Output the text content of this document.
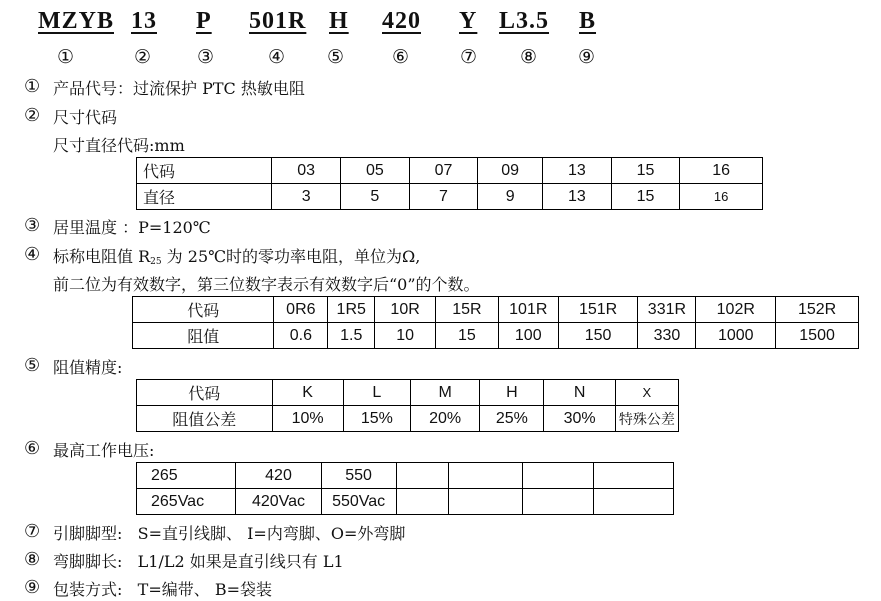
MZYB 13 P 501R H 420 Y L3.5 B
①	② ③	④ ⑤	⑥	⑦ ⑧ ⑨
① 产品代号：过流保护 PTC 热敏电阻
② 尺寸代码
尺寸直径代码:mm
代码	03	05	07	09	13	15	16
直径	3	5	7	9	13	15	16
③ 居里温度 ：P=120℃
④ 标称电阻值 $R_{25}$ 为 25℃时的零功率电阻，单位为Ω,
前二位为有效数字，第三位数字表示有效数字后“0”的个数。
代码	0R6	1R5	10R	15R	101R	151R	331R	102R	152R
阻值	0.6	1.5	10	15	100	150	330	1000	1500
⑤ 阻值精度:
代码	K	L	M	H	N	X
阻值公差	10%	15%	20%	25%	30%	特殊公差
⑥ 最高工作电压:
265	420	550				
265Vac	420Vac	550Vac				
⑦ 引脚脚型:   S=直引线脚、 I=内弯脚、O=外弯脚
⑧ 弯脚脚长:   L1/L2 如果是直引线只有 L1
⑨ 包装方式:   T=编带、 B=袋装
